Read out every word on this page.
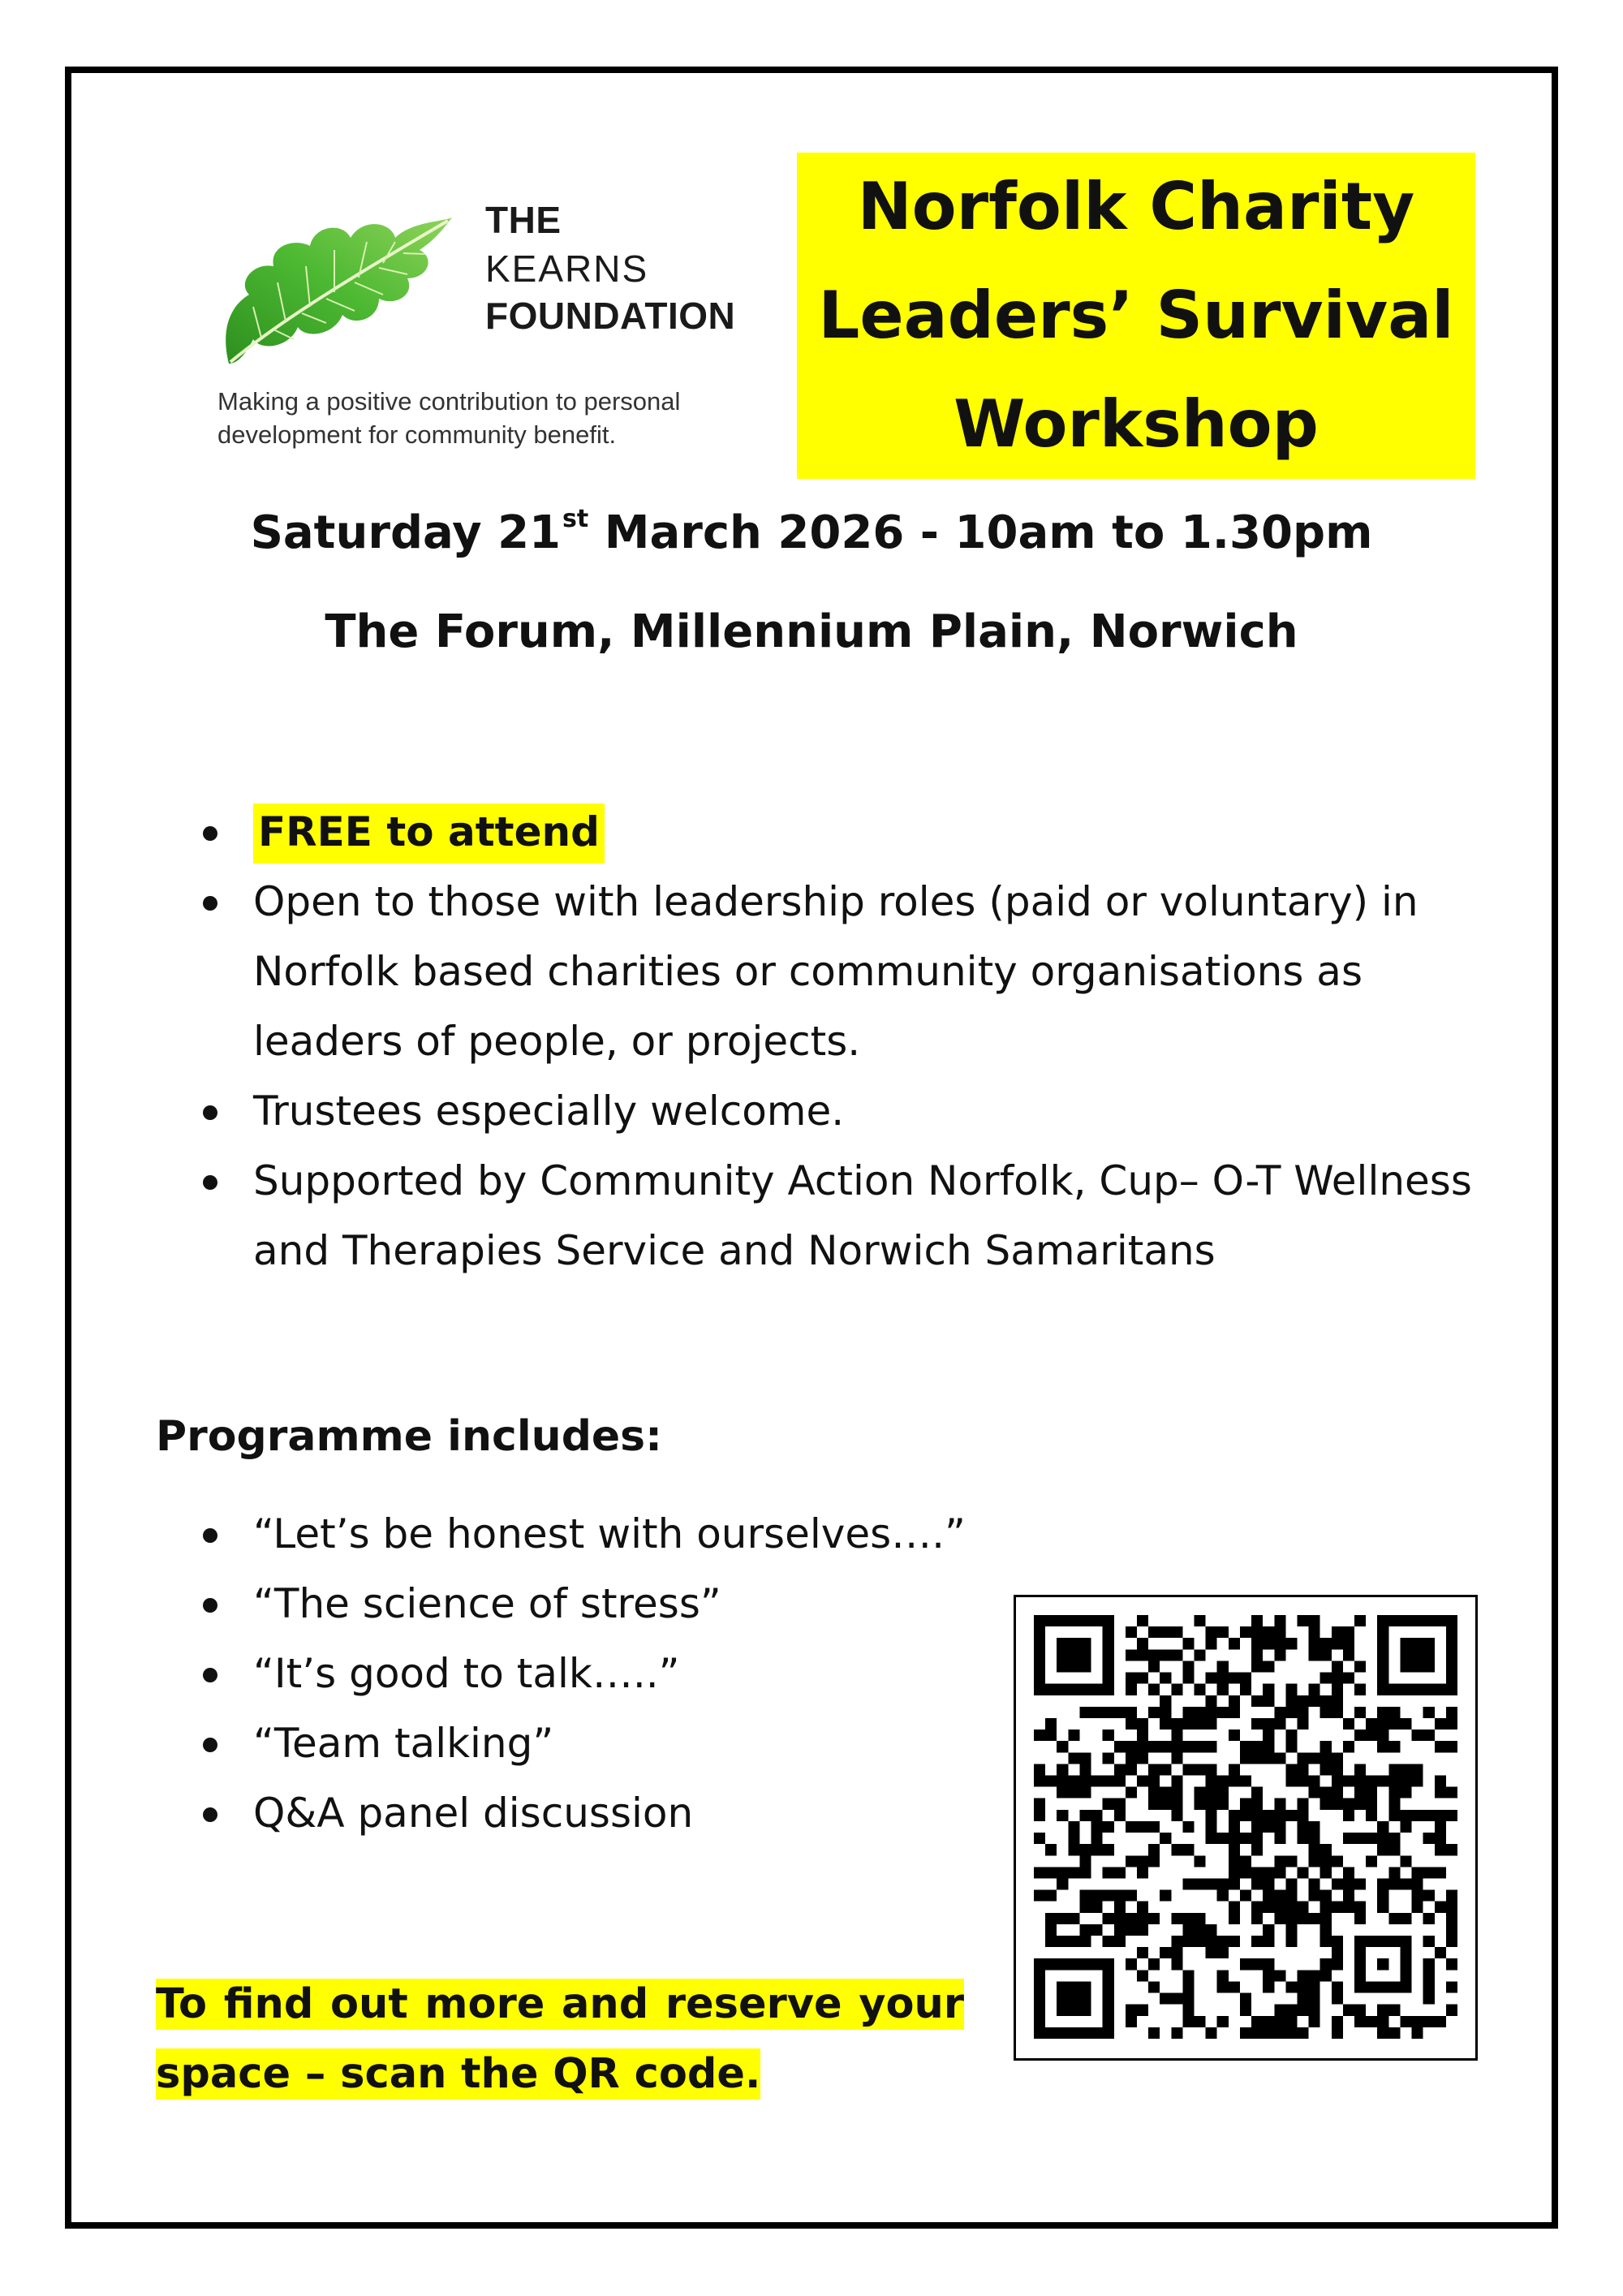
THE
KEARNS
FOUNDATION
Making a positive contribution to personal
development for community benefit.
Norfolk Charity
Leaders’ Survival
Workshop
Saturday 21st March 2026 - 10am to 1.30pm
The Forum, Millennium Plain, Norwich
FREE to attend
Open to those with leadership roles (paid or voluntary) in Norfolk based charities or community organisations as leaders of people, or projects.
Trustees especially welcome.
Supported by Community Action Norfolk, Cup– O-T Wellness and Therapies Service and Norwich Samaritans
Programme includes:
“Let’s be honest with ourselves….”
“The science of stress”
“It’s good to talk…..”
“Team talking”
Q&A panel discussion
To find out more and reserve your space – scan the QR code.
